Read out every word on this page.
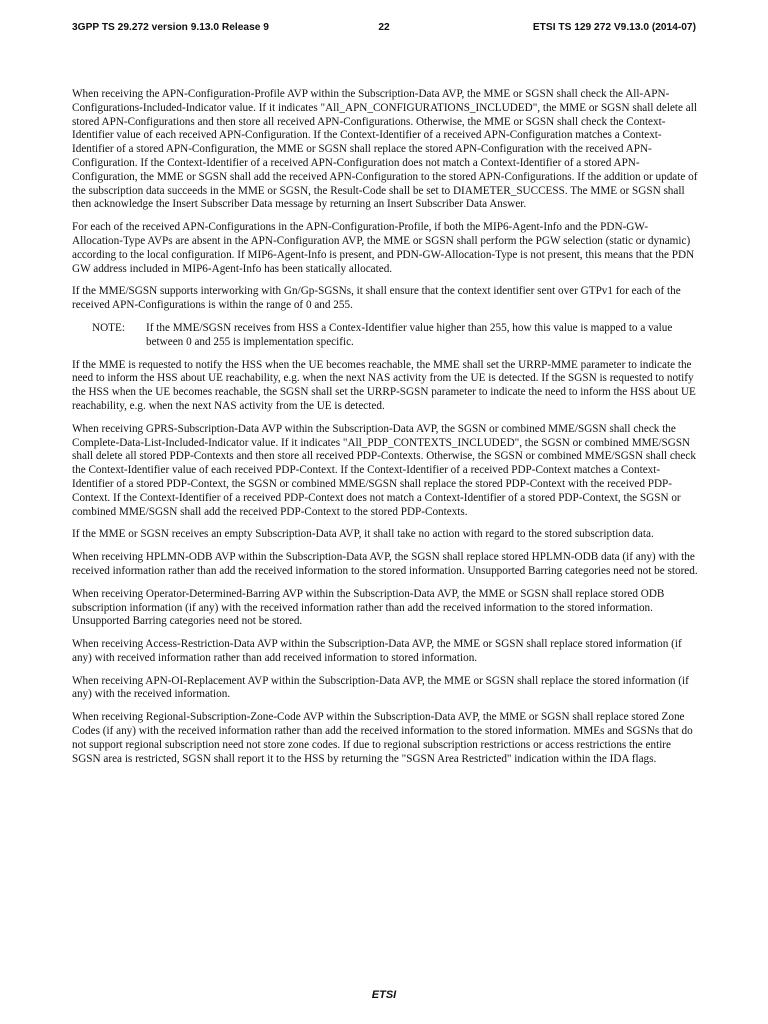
3GPP TS 29.272 version 9.13.0 Release 9	22	ETSI TS 129 272 V9.13.0 (2014-07)

When receiving the APN-Configuration-Profile AVP within the Subscription-Data AVP, the MME or SGSN shall check the All-APN-Configurations-Included-Indicator value. If it indicates "All_APN_CONFIGURATIONS_INCLUDED", the MME or SGSN shall delete all stored APN-Configurations and then store all received APN-Configurations. Otherwise, the MME or SGSN shall check the Context-Identifier value of each received APN-Configuration. If the Context-Identifier of a received APN-Configuration matches a Context-Identifier of a stored APN-Configuration, the MME or SGSN shall replace the stored APN-Configuration with the received APN-Configuration. If the Context-Identifier of a received APN-Configuration does not match a Context-Identifier of a stored APN-Configuration, the MME or SGSN shall add the received APN-Configuration to the stored APN-Configurations. If the addition or update of the subscription data succeeds in the MME or SGSN, the Result-Code shall be set to DIAMETER_SUCCESS. The MME or SGSN shall then acknowledge the Insert Subscriber Data message by returning an Insert Subscriber Data Answer.

For each of the received APN-Configurations in the APN-Configuration-Profile, if both the MIP6-Agent-Info and the PDN-GW-Allocation-Type AVPs are absent in the APN-Configuration AVP, the MME or SGSN shall perform the PGW selection (static or dynamic) according to the local configuration. If MIP6-Agent-Info is present, and PDN-GW-Allocation-Type is not present, this means that the PDN GW address included in MIP6-Agent-Info has been statically allocated.

If the MME/SGSN supports interworking with Gn/Gp-SGSNs, it shall ensure that the context identifier sent over GTPv1 for each of the received APN-Configurations is within the range of 0 and 255.

NOTE:	If the MME/SGSN receives from HSS a Contex-Identifier value higher than 255, how this value is mapped to a value between 0 and 255 is implementation specific.

If the MME is requested to notify the HSS when the UE becomes reachable, the MME shall set the URRP-MME parameter to indicate the need to inform the HSS about UE reachability, e.g. when the next NAS activity from the UE is detected. If the SGSN is requested to notify the HSS when the UE becomes reachable, the SGSN shall set the URRP-SGSN parameter to indicate the need to inform the HSS about UE reachability, e.g. when the next NAS activity from the UE is detected.

When receiving GPRS-Subscription-Data AVP within the Subscription-Data AVP, the SGSN or combined MME/SGSN shall check the Complete-Data-List-Included-Indicator value. If it indicates "All_PDP_CONTEXTS_INCLUDED", the SGSN or combined MME/SGSN shall delete all stored PDP-Contexts and then store all received PDP-Contexts. Otherwise, the SGSN or combined MME/SGSN shall check the Context-Identifier value of each received PDP-Context. If the Context-Identifier of a received PDP-Context matches a Context-Identifier of a stored PDP-Context, the SGSN or combined MME/SGSN shall replace the stored PDP-Context with the received PDP-Context. If the Context-Identifier of a received PDP-Context does not match a Context-Identifier of a stored PDP-Context, the SGSN or combined MME/SGSN shall add the received PDP-Context to the stored PDP-Contexts.

If the MME or SGSN receives an empty Subscription-Data AVP, it shall take no action with regard to the stored subscription data.

When receiving HPLMN-ODB AVP within the Subscription-Data AVP, the SGSN shall replace stored HPLMN-ODB data (if any) with the received information rather than add the received information to the stored information. Unsupported Barring categories need not be stored.

When receiving Operator-Determined-Barring AVP within the Subscription-Data AVP, the MME or SGSN shall replace stored ODB subscription information (if any) with the received information rather than add the received information to the stored information. Unsupported Barring categories need not be stored.

When receiving Access-Restriction-Data AVP within the Subscription-Data AVP, the MME or SGSN shall replace stored information (if any) with received information rather than add received information to stored information.

When receiving APN-OI-Replacement AVP within the Subscription-Data AVP, the MME or SGSN shall replace the stored information (if any) with the received information.

When receiving Regional-Subscription-Zone-Code AVP within the Subscription-Data AVP, the MME or SGSN shall replace stored Zone Codes (if any) with the received information rather than add the received information to the stored information. MMEs and SGSNs that do not support regional subscription need not store zone codes. If due to regional subscription restrictions or access restrictions the entire SGSN area is restricted, SGSN shall report it to the HSS by returning the "SGSN Area Restricted" indication within the IDA flags.

ETSI
